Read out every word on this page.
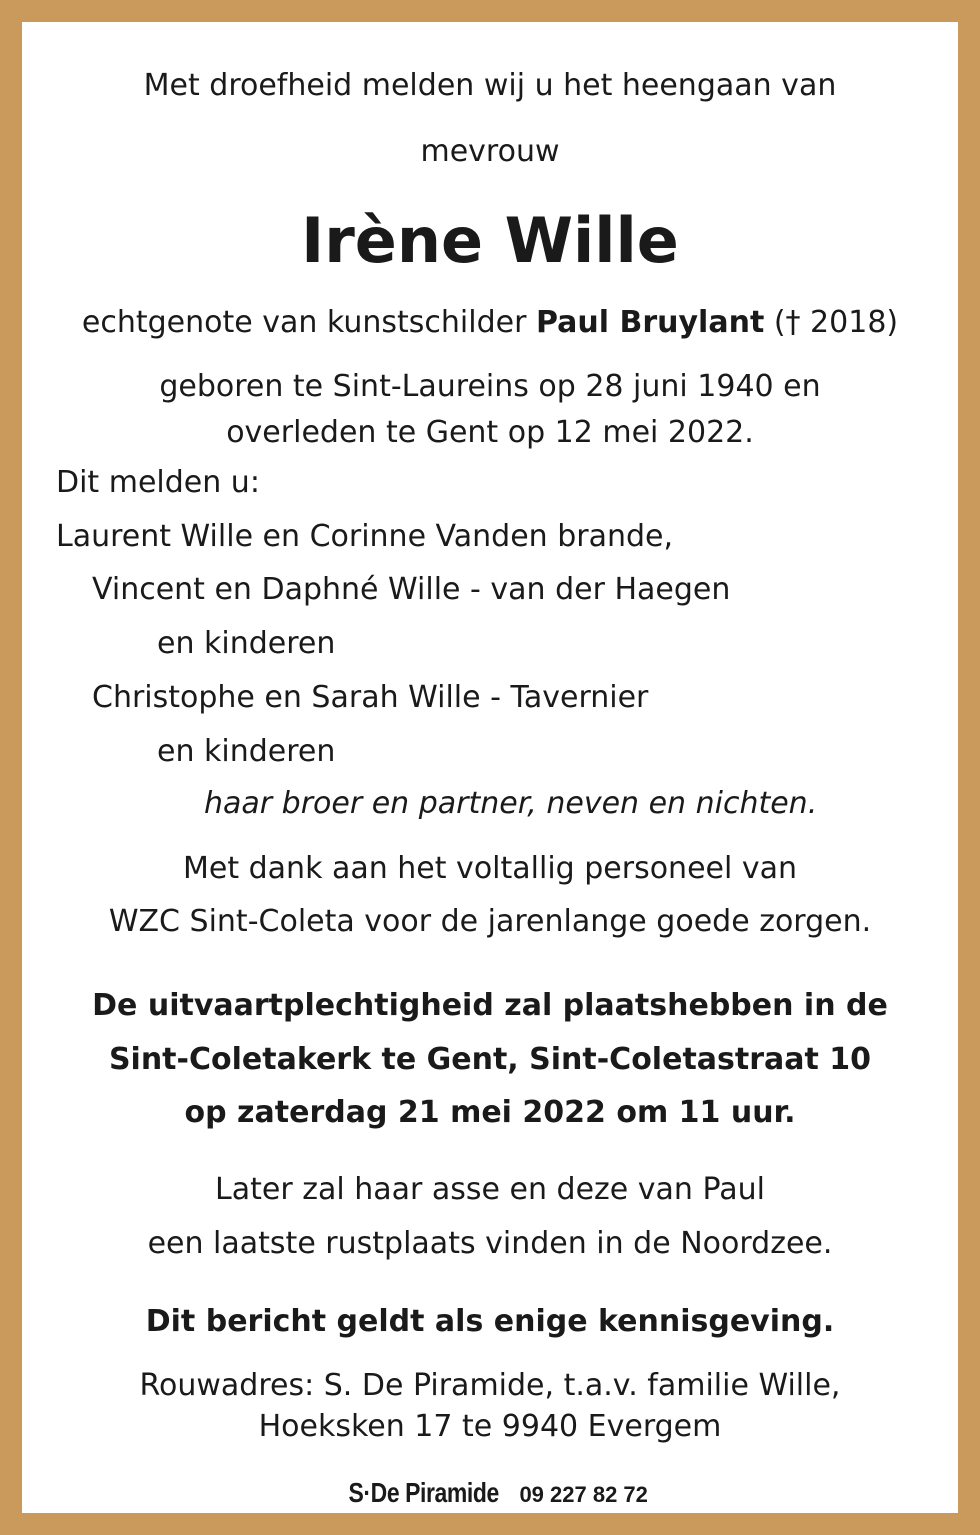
Met droefheid melden wij u het heengaan van
mevrouw
Irène Wille
echtgenote van kunstschilder Paul Bruylant († 2018)
geboren te Sint-Laureins op 28 juni 1940 en
overleden te Gent op 12 mei 2022.
Dit melden u:
Laurent Wille en Corinne Vanden brande,
Vincent en Daphné Wille - van der Haegen
en kinderen
Christophe en Sarah Wille - Tavernier
en kinderen
haar broer en partner, neven en nichten.
Met dank aan het voltallig personeel van
WZC Sint-Coleta voor de jarenlange goede zorgen.
De uitvaartplechtigheid zal plaatshebben in de
Sint-Coletakerk te Gent, Sint-Coletastraat 10
op zaterdag 21 mei 2022 om 11 uur.
Later zal haar asse en deze van Paul
een laatste rustplaats vinden in de Noordzee.
Dit bericht geldt als enige kennisgeving.
Rouwadres: S. De Piramide, t.a.v. familie Wille,
Hoeksken 17 te 9940 Evergem
S·De Piramide 09 227 82 72
